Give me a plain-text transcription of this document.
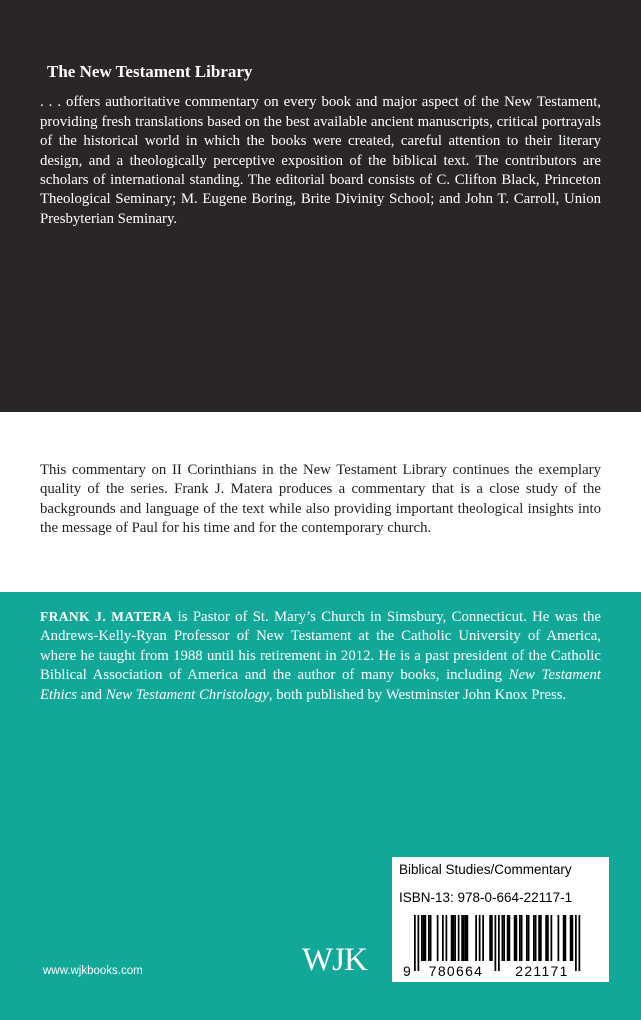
The New Testament Library

. . . offers authoritative commentary on every book and major aspect of the New Testament, providing fresh translations based on the best available ancient manuscripts, critical portrayals of the historical world in which the books were created, careful attention to their literary design, and a theologically perceptive exposition of the biblical text. The contributors are scholars of international standing. The editorial board consists of C. Clifton Black, Princeton Theological Seminary; M. Eugene Boring, Brite Divinity School; and John T. Carroll, Union Presbyterian Seminary.

This commentary on II Corinthians in the New Testament Library continues the exemplary quality of the series. Frank J. Matera produces a commentary that is a close study of the backgrounds and language of the text while also providing important theological insights into the message of Paul for his time and for the contemporary church.

FRANK J. MATERA is Pastor of St. Mary’s Church in Simsbury, Connecticut. He was the Andrews-Kelly-Ryan Professor of New Testament at the Catholic University of America, where he taught from 1988 until his retirement in 2012. He is a past president of the Catholic Biblical Association of America and the author of many books, including New Testament Ethics and New Testament Christology, both published by Westminster John Knox Press.

Biblical Studies/Commentary
ISBN-13: 978-0-664-22117-1
9 780664 221171
WJK
www.wjkbooks.com
